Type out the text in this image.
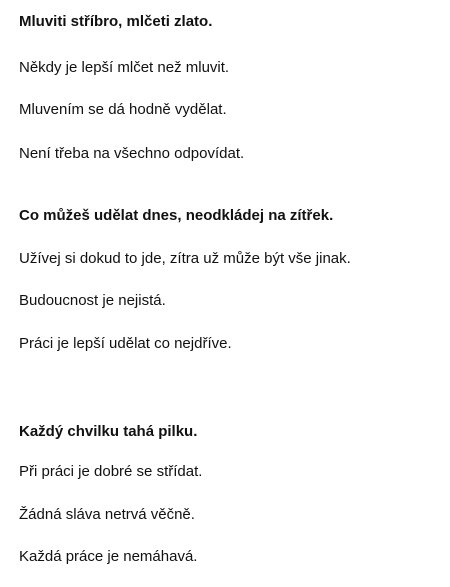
Mluviti stříbro, mlčeti zlato.
Někdy je lepší mlčet než mluvit.
Mluvením se dá hodně vydělat.
Není třeba na všechno odpovídat.
Co můžeš udělat dnes, neodkládej na zítřek.
Užívej si dokud to jde, zítra už může být vše jinak.
Budoucnost je nejistá.
Práci je lepší udělat co nejdříve.
Každý chvilku tahá pilku.
Při práci je dobré se střídat.
Žádná sláva netrvá věčně.
Každá práce je nemáhavá.
